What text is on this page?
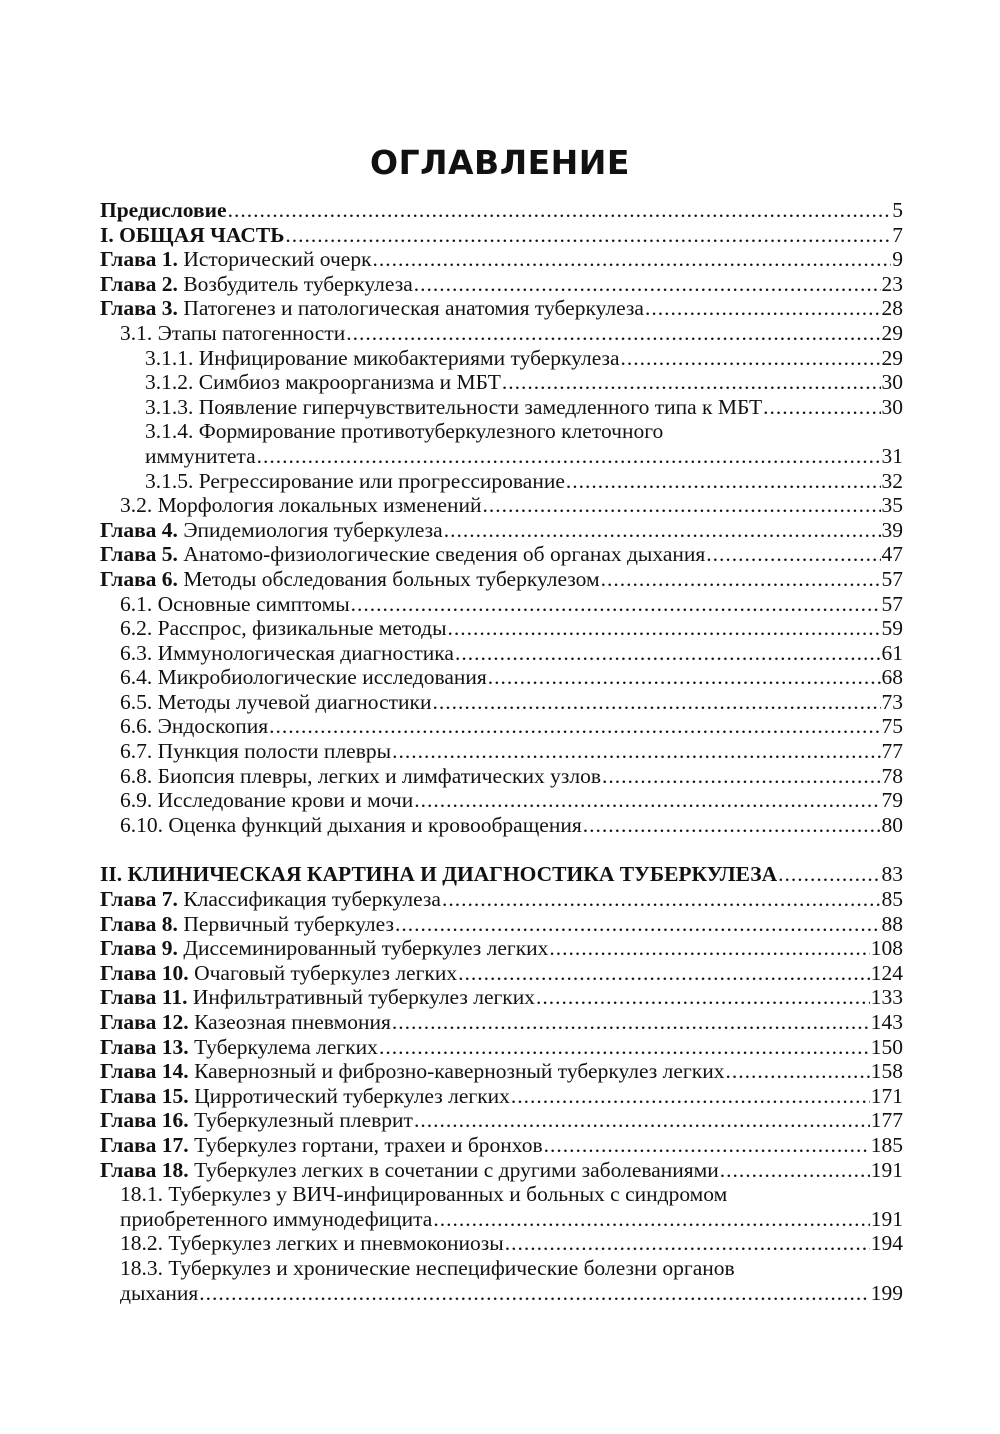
ОГЛАВЛЕНИЕ
Предисловие .....	5
I. ОБЩАЯ ЧАСТЬ .....	7
Глава 1. Исторический очерк .....	9
Глава 2. Возбудитель туберкулеза .....	23
Глава 3. Патогенез и патологическая анатомия туберкулеза .....	28
3.1. Этапы патогенности .....	29
3.1.1. Инфицирование микобактериями туберкулеза .....	29
3.1.2. Симбиоз макроорганизма и МБТ .....	30
3.1.3. Появление гиперчувствительности замедленного типа к МБТ .....	30
3.1.4. Формирование противотуберкулезного клеточного
иммунитета .....	31
3.1.5. Регрессирование или прогрессирование .....	32
3.2. Морфология локальных изменений .....	35
Глава 4. Эпидемиология туберкулеза .....	39
Глава 5. Анатомо-физиологические сведения об органах дыхания .....	47
Глава 6. Методы обследования больных туберкулезом .....	57
6.1. Основные симптомы .....	57
6.2. Расспрос, физикальные методы .....	59
6.3. Иммунологическая диагностика .....	61
6.4. Микробиологические исследования .....	68
6.5. Методы лучевой диагностики .....	73
6.6. Эндоскопия .....	75
6.7. Пункция полости плевры .....	77
6.8. Биопсия плевры, легких и лимфатических узлов .....	78
6.9. Исследование крови и мочи .....	79
6.10. Оценка функций дыхания и кровообращения .....	80
II. КЛИНИЧЕСКАЯ КАРТИНА И ДИАГНОСТИКА ТУБЕРКУЛЕЗА .....	83
Глава 7. Классификация туберкулеза .....	85
Глава 8. Первичный туберкулез .....	88
Глава 9. Диссеминированный туберкулез легких .....	108
Глава 10. Очаговый туберкулез легких .....	124
Глава 11. Инфильтративный туберкулез легких .....	133
Глава 12. Казеозная пневмония .....	143
Глава 13. Туберкулема легких .....	150
Глава 14. Кавернозный и фиброзно-кавернозный туберкулез легких .....	158
Глава 15. Цирротический туберкулез легких .....	171
Глава 16. Туберкулезный плеврит .....	177
Глава 17. Туберкулез гортани, трахеи и бронхов .....	185
Глава 18. Туберкулез легких в сочетании с другими заболеваниями .....	191
18.1. Туберкулез у ВИЧ-инфицированных и больных с синдромом
приобретенного иммунодефицита .....	191
18.2. Туберкулез легких и пневмокониозы .....	194
18.3. Туберкулез и хронические неспецифические болезни органов
дыхания .....	199
